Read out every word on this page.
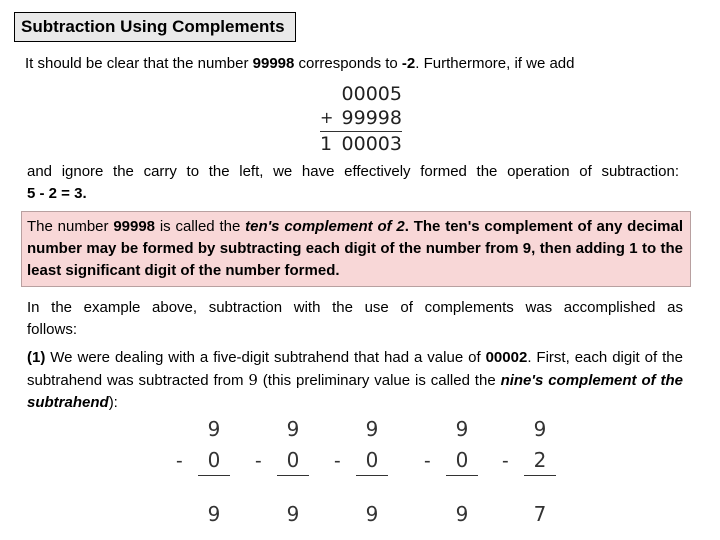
Subtraction Using Complements
It should be clear that the number 99998 corresponds to -2. Furthermore, if we add
00005
+ 99998
1 00003
and ignore the carry to the left, we have effectively formed the operation of subtraction:
5 - 2 = 3.
The number 99998 is called the ten's complement of 2. The ten's complement of any decimal number may be formed by subtracting each digit of the number from 9, then adding 1 to the least significant digit of the number formed.
In the example above, subtraction with the use of complements was accomplished as
follows:
(1) We were dealing with a five-digit subtrahend that had a value of 00002. First, each digit of the subtrahend was subtracted from 9 (this preliminary value is called the nine's complement of the subtrahend):
-
9
0
9
-
9
0
9
-
9
0
9
-
9
0
9
-
9
2
7
